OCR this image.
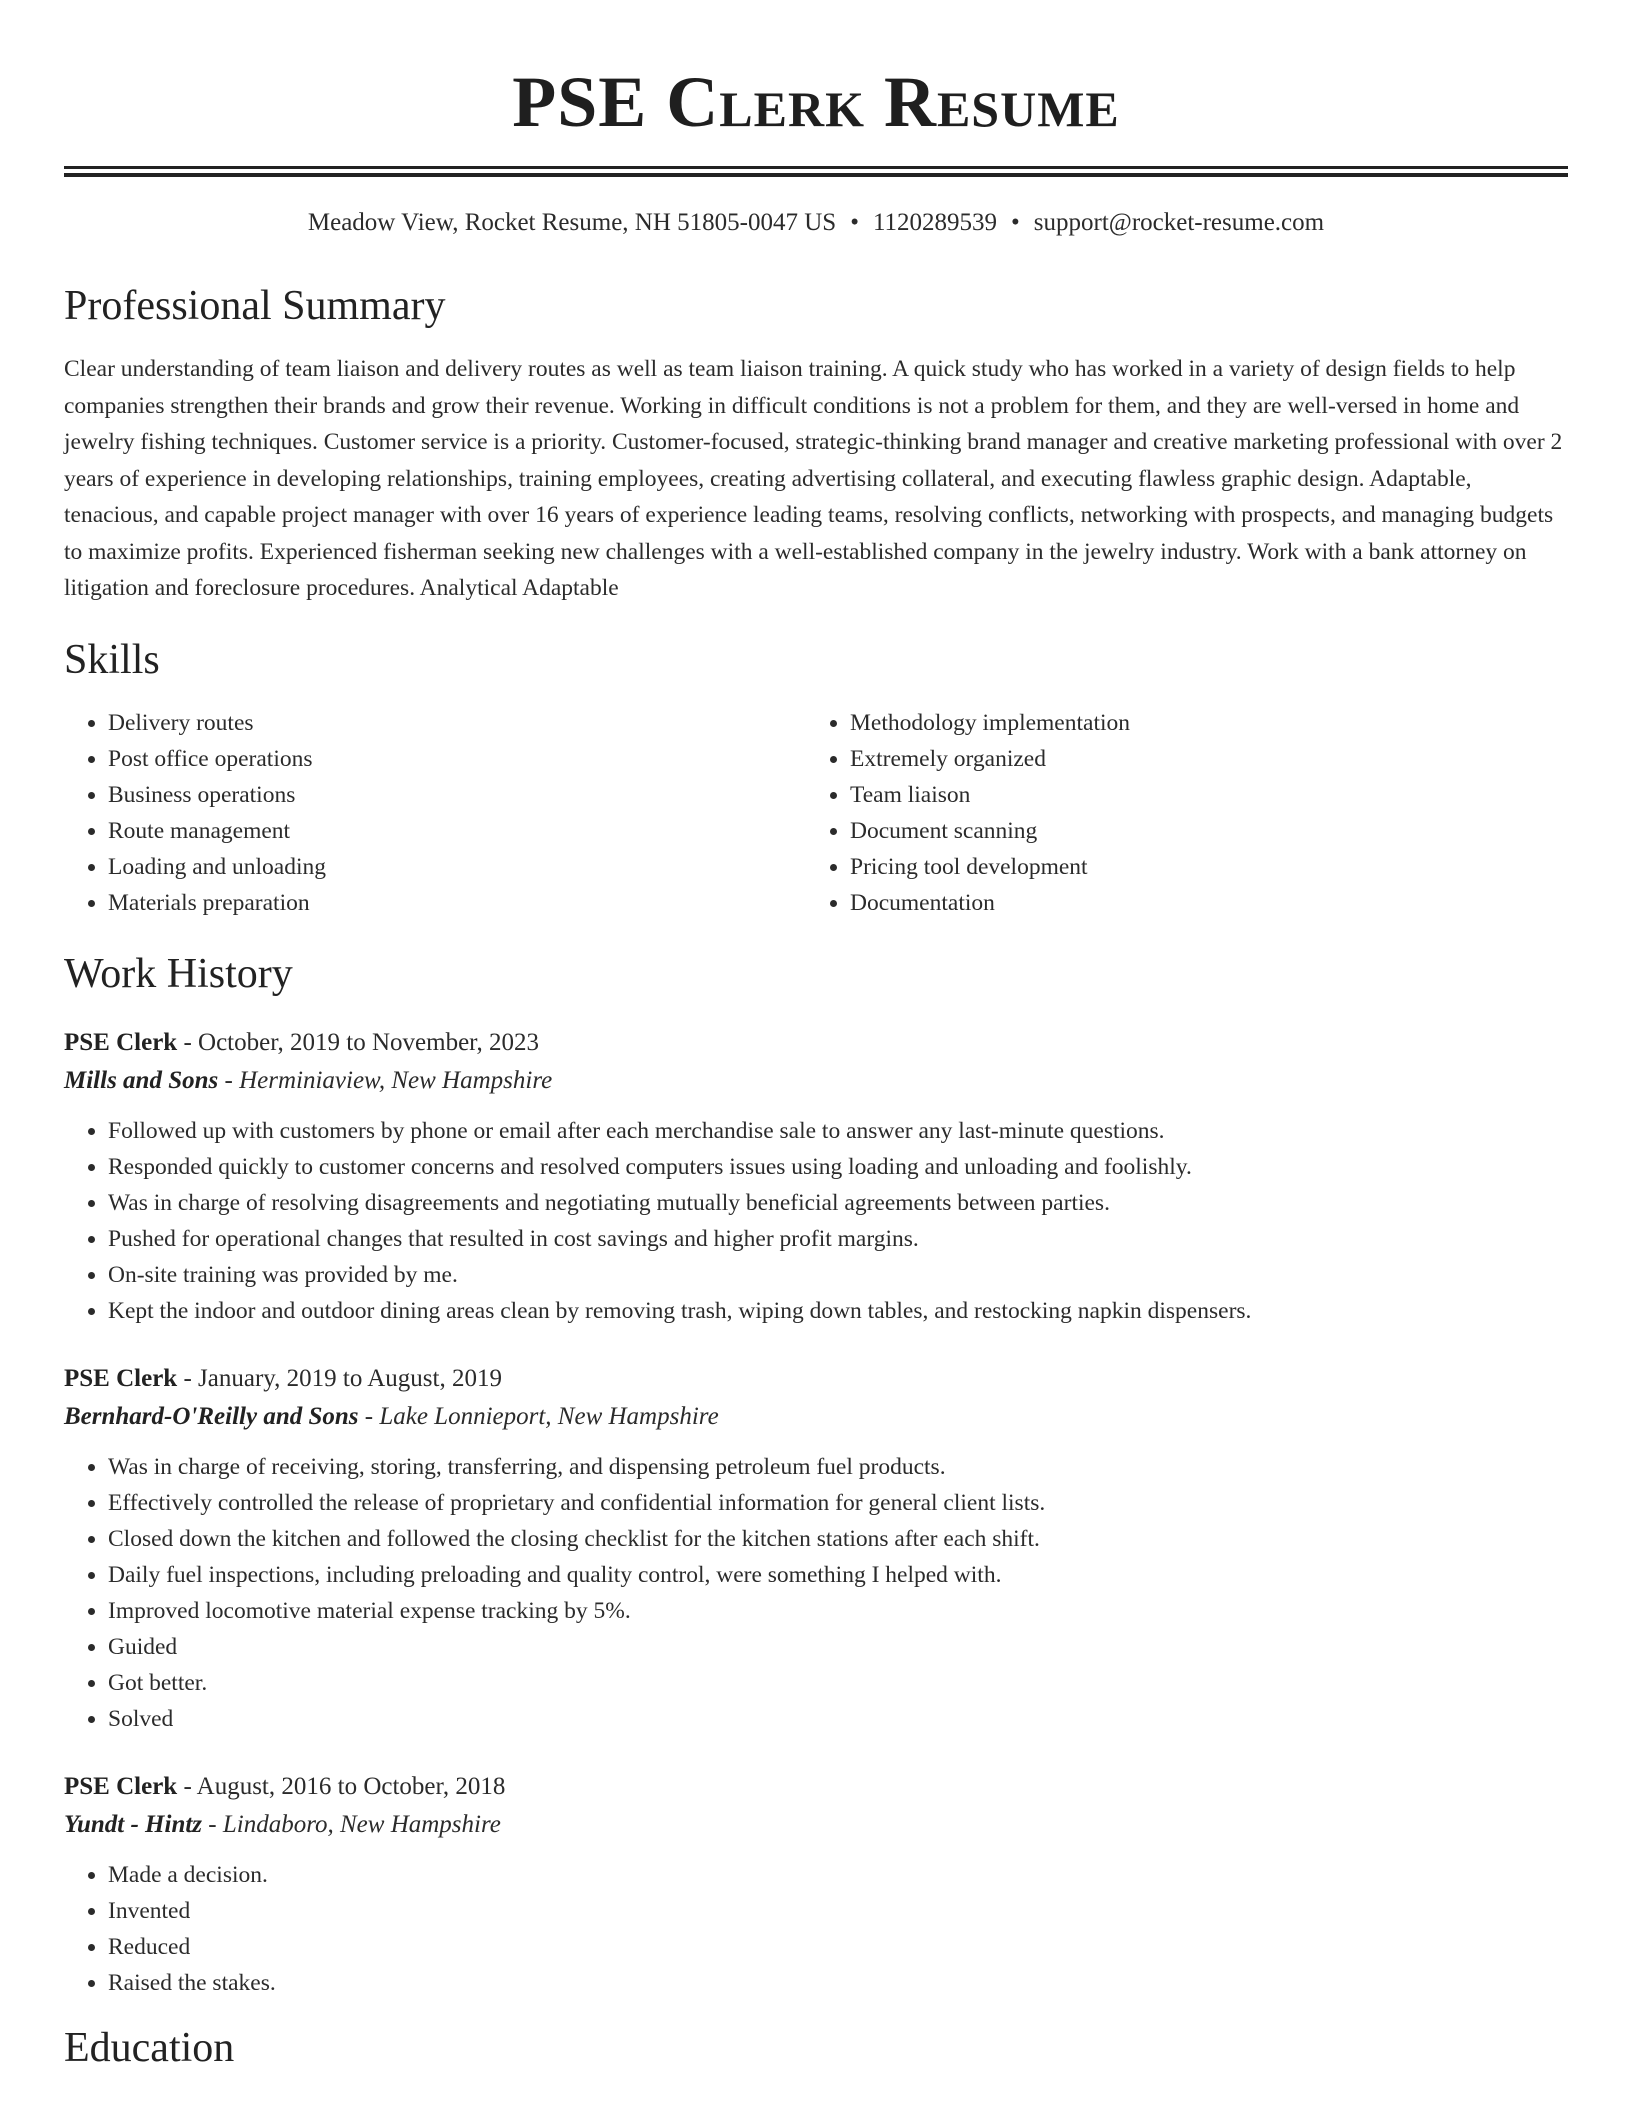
PSE Clerk Resume
Meadow View, Rocket Resume, NH 51805-0047 US • 1120289539 • support@rocket-resume.com
Professional Summary

Clear understanding of team liaison and delivery routes as well as team liaison training. A quick study who has worked in a variety of design fields to help companies strengthen their brands and grow their revenue. Working in difficult conditions is not a problem for them, and they are well-versed in home and jewelry fishing techniques. Customer service is a priority. Customer-focused, strategic-thinking brand manager and creative marketing professional with over 2 years of experience in developing relationships, training employees, creating advertising collateral, and executing flawless graphic design. Adaptable, tenacious, and capable project manager with over 16 years of experience leading teams, resolving conflicts, networking with prospects, and managing budgets to maximize profits. Experienced fisherman seeking new challenges with a well-established company in the jewelry industry. Work with a bank attorney on litigation and foreclosure procedures. Analytical Adaptable

Skills
• Delivery routes
• Post office operations
• Business operations
• Route management
• Loading and unloading
• Materials preparation
• Methodology implementation
• Extremely organized
• Team liaison
• Document scanning
• Pricing tool development
• Documentation
Work History
PSE Clerk - October, 2019 to November, 2023
Mills and Sons - Herminiaview, New Hampshire
• Followed up with customers by phone or email after each merchandise sale to answer any last-minute questions.
• Responded quickly to customer concerns and resolved computers issues using loading and unloading and foolishly.
• Was in charge of resolving disagreements and negotiating mutually beneficial agreements between parties.
• Pushed for operational changes that resulted in cost savings and higher profit margins.
• On-site training was provided by me.
• Kept the indoor and outdoor dining areas clean by removing trash, wiping down tables, and restocking napkin dispensers.
PSE Clerk - January, 2019 to August, 2019
Bernhard-O'Reilly and Sons - Lake Lonnieport, New Hampshire
• Was in charge of receiving, storing, transferring, and dispensing petroleum fuel products.
• Effectively controlled the release of proprietary and confidential information for general client lists.
• Closed down the kitchen and followed the closing checklist for the kitchen stations after each shift.
• Daily fuel inspections, including preloading and quality control, were something I helped with.
• Improved locomotive material expense tracking by 5%.
• Guided
• Got better.
• Solved
PSE Clerk - August, 2016 to October, 2018
Yundt - Hintz - Lindaboro, New Hampshire
• Made a decision.
• Invented
• Reduced
• Raised the stakes.
Education
